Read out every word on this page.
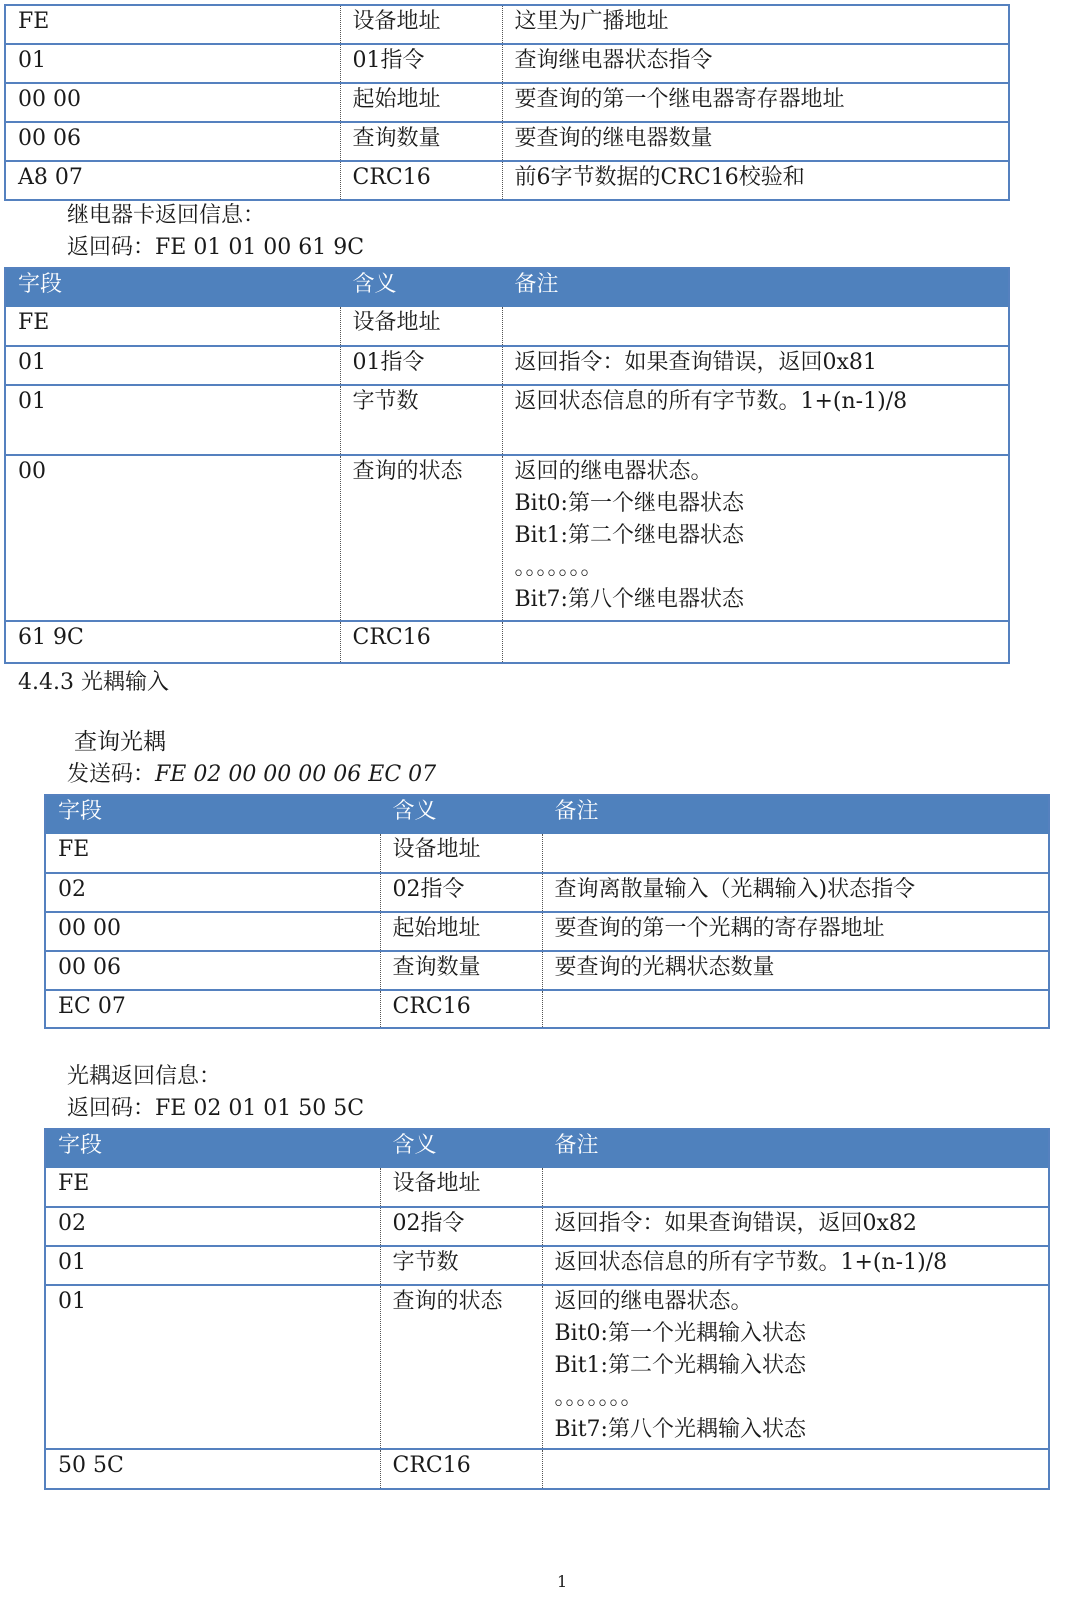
FE	设备地址	这里为广播地址
01	01指令	查询继电器状态指令
00 00	起始地址	要查询的第一个继电器寄存器地址
00 06	查询数量	要查询的继电器数量
A8 07	CRC16	前6字节数据的CRC16校验和
继电器卡返回信息：
返回码：FE 01 01 00 61 9C
字段	含义	备注
FE	设备地址	
01	01指令	返回指令：如果查询错误，返回0x81
01	字节数	返回状态信息的所有字节数。1+(n-1)/8
00	查询的状态	返回的继电器状态。
Bit0:第一个继电器状态
Bit1:第二个继电器状态
。。。。。。。
Bit7:第八个继电器状态

61 9C	CRC16	
4.4.3 光耦输入
查询光耦
发送码：FE 02 00 00 00 06 EC 07
字段	含义	备注
FE	设备地址	
02	02指令	查询离散量输入（光耦输入)状态指令
00 00	起始地址	要查询的第一个光耦的寄存器地址
00 06	查询数量	要查询的光耦状态数量
EC 07	CRC16	
光耦返回信息：
返回码：FE 02 01 01 50 5C
字段	含义	备注
FE	设备地址	
02	02指令	返回指令：如果查询错误，返回0x82
01	字节数	返回状态信息的所有字节数。1+(n-1)/8
01	查询的状态	返回的继电器状态。
Bit0:第一个光耦输入状态
Bit1:第二个光耦输入状态
。。。。。。。
Bit7:第八个光耦输入状态

50 5C	CRC16	
1
